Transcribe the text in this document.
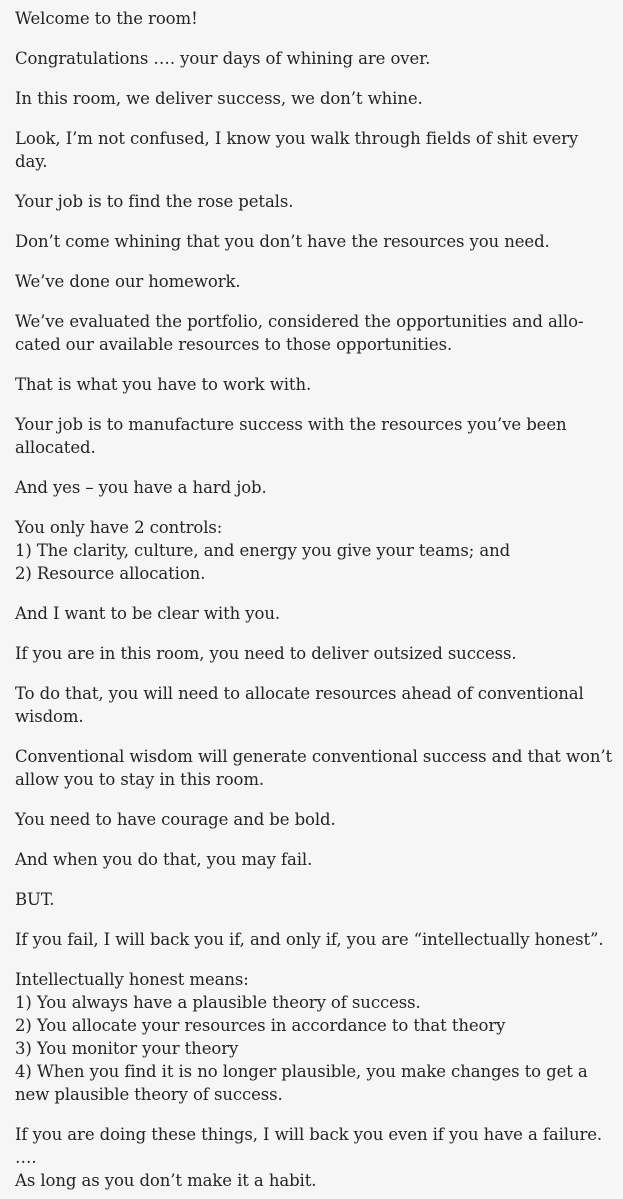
Welcome to the room!

Congratulations …. your days of whining are over.

In this room, we deliver success, we don’t whine.

Look, I’m not confused, I know you walk through fields of shit every
day.

Your job is to find the rose petals.

Don’t come whining that you don’t have the resources you need.

We’ve done our homework.

We’ve evaluated the portfolio, considered the opportunities and allo-
cated our available resources to those opportunities.

That is what you have to work with.

Your job is to manufacture success with the resources you’ve been
allocated.

And yes – you have a hard job.

You only have 2 controls:
1) The clarity, culture, and energy you give your teams; and
2) Resource allocation.

And I want to be clear with you.

If you are in this room, you need to deliver outsized success.

To do that, you will need to allocate resources ahead of conventional
wisdom.

Conventional wisdom will generate conventional success and that won’t
allow you to stay in this room.

You need to have courage and be bold.

And when you do that, you may fail.

BUT.

If you fail, I will back you if, and only if, you are “intellectually honest”.

Intellectually honest means:
1) You always have a plausible theory of success.
2) You allocate your resources in accordance to that theory
3) You monitor your theory
4) When you find it is no longer plausible, you make changes to get a
new plausible theory of success.

If you are doing these things, I will back you even if you have a failure.
….
As long as you don’t make it a habit.
